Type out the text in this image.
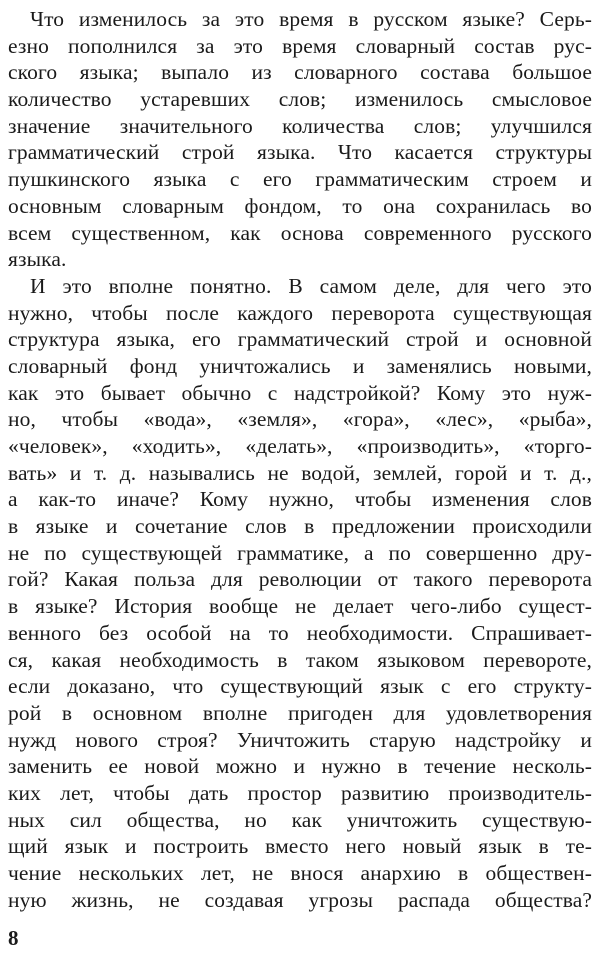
Что изменилось за это время в русском языке? Серь-
езно пополнился за это время словарный состав рус-
ского языка; выпало из словарного состава большое
количество устаревших слов; изменилось смысловое
значение значительного количества слов; улучшился
грамматический строй языка. Что касается структуры
пушкинского языка с его грамматическим строем и
основным словарным фондом, то она сохранилась во
всем существенном, как основа современного русского
языка.
И это вполне понятно. В самом деле, для чего это
нужно, чтобы после каждого переворота существующая
структура языка, его грамматический строй и основной
словарный фонд уничтожались и заменялись новыми,
как это бывает обычно с надстройкой? Кому это нуж-
но, чтобы «вода», «земля», «гора», «лес», «рыба»,
«человек», «ходить», «делать», «производить», «торго-
вать» и т. д. назывались не водой, землей, горой и т. д.,
а как-то иначе? Кому нужно, чтобы изменения слов
в языке и сочетание слов в предложении происходили
не по существующей грамматике, а по совершенно дру-
гой? Какая польза для революции от такого переворота
в языке? История вообще не делает чего-либо сущест-
венного без особой на то необходимости. Спрашивает-
ся, какая необходимость в таком языковом перевороте,
если доказано, что существующий язык с его структу-
рой в основном вполне пригоден для удовлетворения
нужд нового строя? Уничтожить старую надстройку и
заменить ее новой можно и нужно в течение несколь-
ких лет, чтобы дать простор развитию производитель-
ных сил общества, но как уничтожить существую-
щий язык и построить вместо него новый язык в те-
чение нескольких лет, не внося анархию в обществен-
ную жизнь, не создавая угрозы распада общества?
8
